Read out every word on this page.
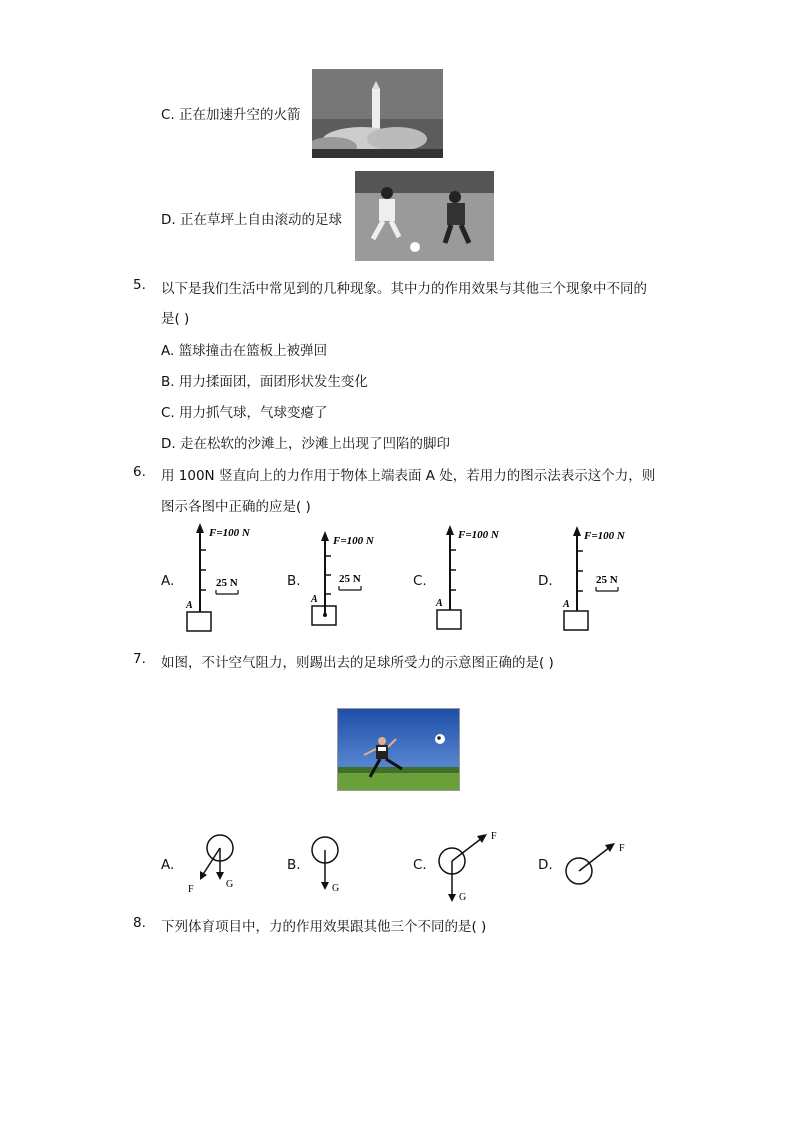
C. 正在加速升空的火箭
D. 正在草坪上自由滚动的足球
5. 以下是我们生活中常见到的几种现象。其中力的作用效果与其他三个现象中不同的
是( )
A. 篮球撞击在篮板上被弹回
B. 用力揉面团，面团形状发生变化
C. 用力抓气球，气球变瘪了
D. 走在松软的沙滩上，沙滩上出现了凹陷的脚印
6. 用 100N 竖直向上的力作用于物体上端表面 A 处，若用力的图示法表示这个力，则
图示各图中正确的应是( )
A.
F=100 N
25 N
A
B.
F=100 N
25 N
A
C.
F=100 N
A
D.
F=100 N
25 N
A
7. 如图，不计空气阻力，则踢出去的足球所受力的示意图正确的是( )
A.
F	G
B.
G
C.
F
G
D.
F
8. 下列体育项目中，力的作用效果跟其他三个不同的是( )
